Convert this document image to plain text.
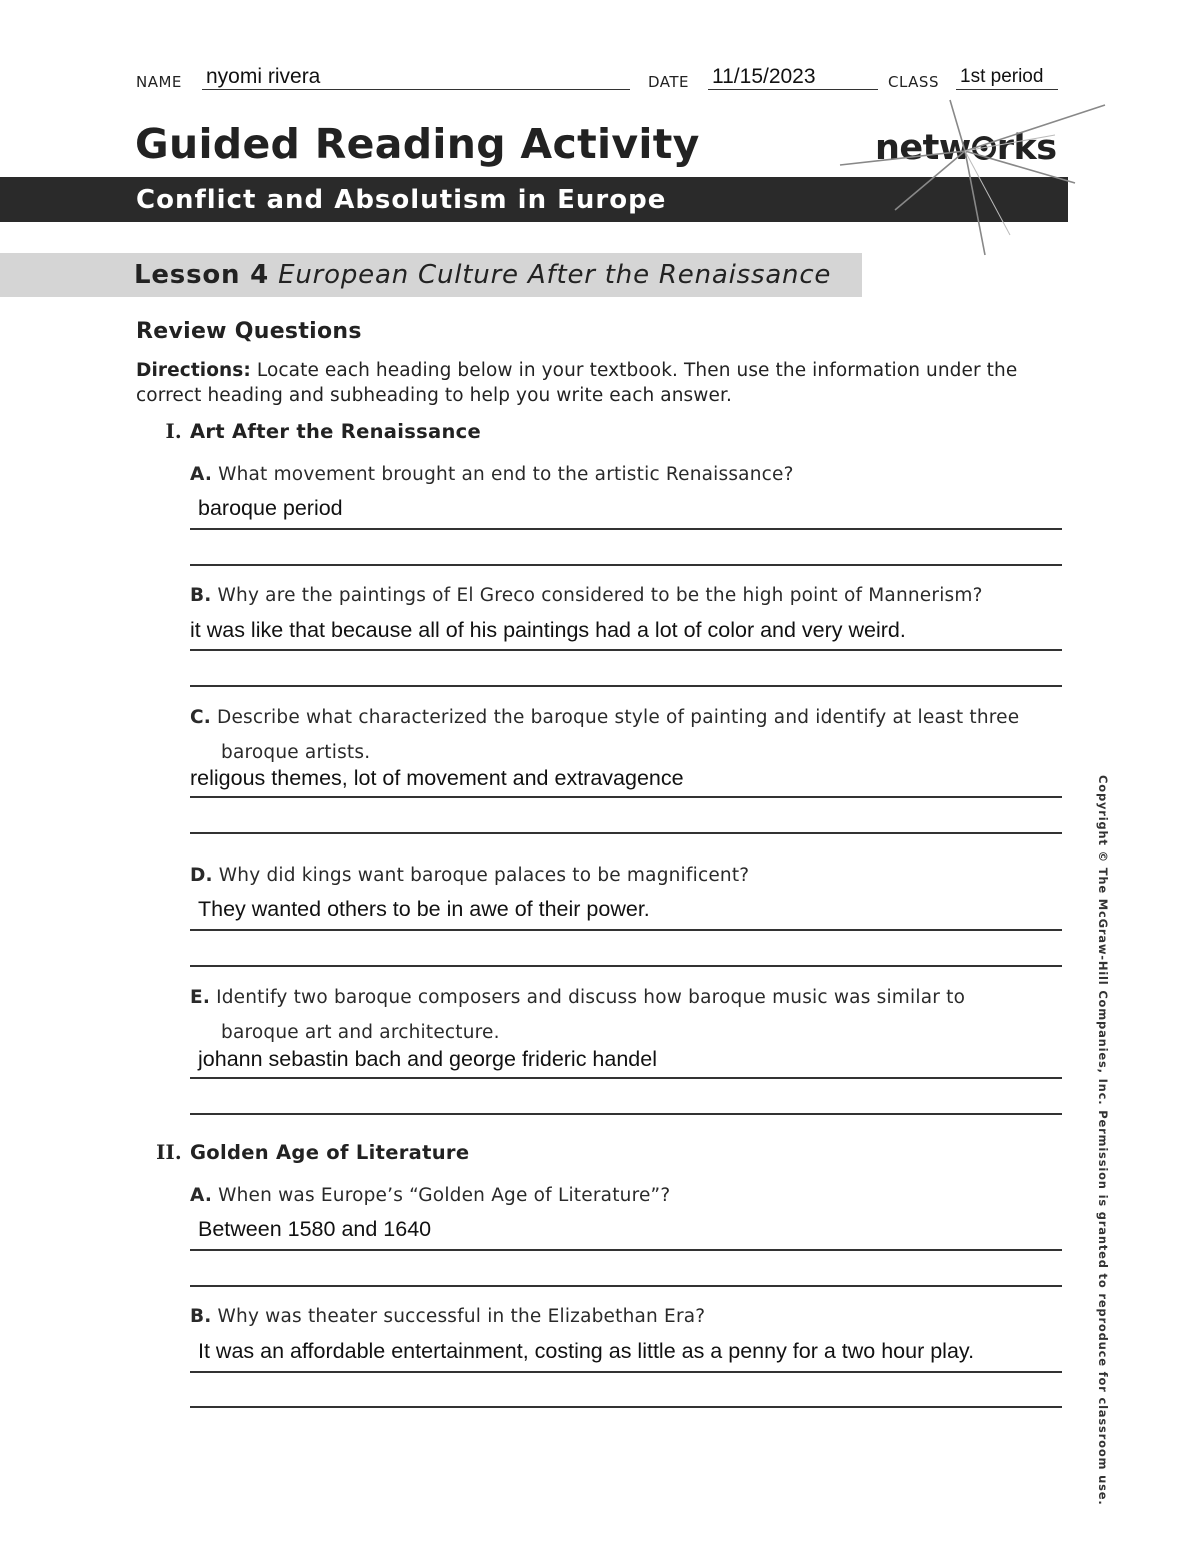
NAME nyomi rivera	DATE 11/15/2023	CLASS 1st period
Guided Reading Activity	netw rks
Conflict and Absolutism in Europe
Lesson 4 European Culture After the Renaissance
Review Questions
Directions: Locate each heading below in your textbook. Then use the information under the correct heading and subheading to help you write each answer.
I. Art After the Renaissance
A. What movement brought an end to the artistic Renaissance?
baroque period
B. Why are the paintings of El Greco considered to be the high point of Mannerism?
it was like that because all of his paintings had a lot of color and very weird.
C. Describe what characterized the baroque style of painting and identify at least three
baroque artists.
religous themes, lot of movement and extravagence
D. Why did kings want baroque palaces to be magnificent?
They wanted others to be in awe of their power.
E. Identify two baroque composers and discuss how baroque music was similar to
baroque art and architecture.
johann sebastin bach and george frideric handel
II. Golden Age of Literature
A. When was Europe’s “Golden Age of Literature”?
Between 1580 and 1640
B. Why was theater successful in the Elizabethan Era?
It was an affordable entertainment, costing as little as a penny for a two hour play.	Copyright © The McGraw-Hill Companies, Inc. Permission is granted to reproduce for classroom use.
